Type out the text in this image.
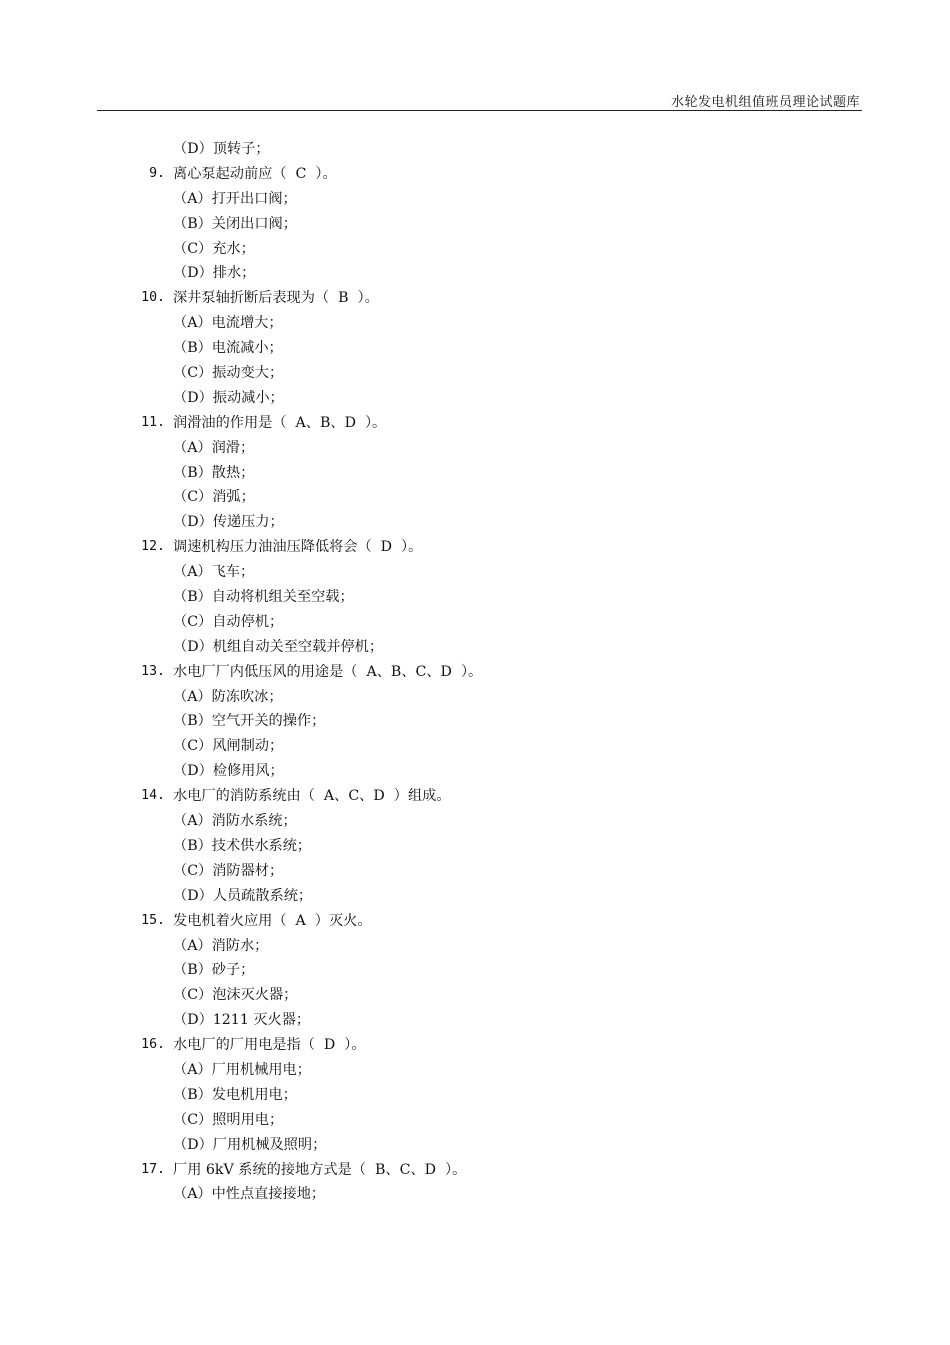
水轮发电机组值班员理论试题库
（D）顶转子；
9. 离心泵起动前应（  C  ）。
（A）打开出口阀；
（B）关闭出口阀；
（C）充水；
（D）排水；
10. 深井泵轴折断后表现为（  B  ）。
（A）电流增大；
（B）电流减小；
（C）振动变大；
（D）振动减小；
11. 润滑油的作用是（  A、B、D  ）。
（A）润滑；
（B）散热；
（C）消弧；
（D）传递压力；
12. 调速机构压力油油压降低将会（  D  ）。
（A）飞车；
（B）自动将机组关至空载；
（C）自动停机；
（D）机组自动关至空载并停机；
13. 水电厂厂内低压风的用途是（  A、B、C、D  ）。
（A）防冻吹冰；
（B）空气开关的操作；
（C）风闸制动；
（D）检修用风；
14. 水电厂的消防系统由（  A、C、D  ）组成。
（A）消防水系统；
（B）技术供水系统；
（C）消防器材；
（D）人员疏散系统；
15. 发电机着火应用（  A  ）灭火。
（A）消防水；
（B）砂子；
（C）泡沫灭火器；
（D）1211 灭火器；
16. 水电厂的厂用电是指（  D  ）。
（A）厂用机械用电；
（B）发电机用电；
（C）照明用电；
（D）厂用机械及照明；
17. 厂用 6kV 系统的接地方式是（  B、C、D  ）。
（A）中性点直接接地；
